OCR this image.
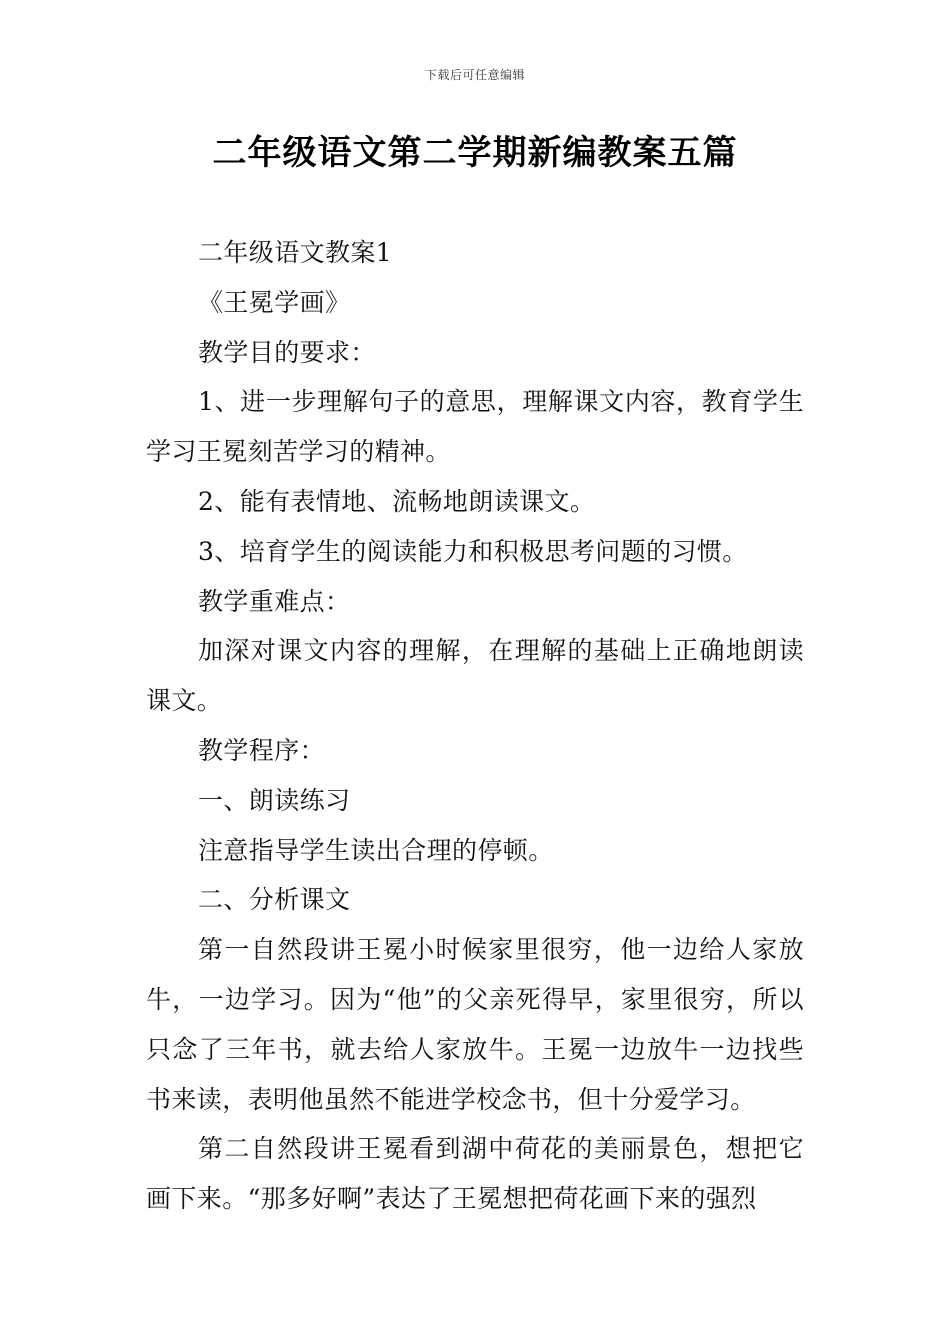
下载后可任意编辑
二年级语文第二学期新编教案五篇

二年级语文教案1

《王冕学画》

教学目的要求：

1、进一步理解句子的意思，理解课文内容，教育学生学习王冕刻苦学习的精神。

2、能有表情地、流畅地朗读课文。

3、培育学生的阅读能力和积极思考问题的习惯。

教学重难点：

加深对课文内容的理解，在理解的基础上正确地朗读课文。

教学程序：

一、朗读练习

注意指导学生读出合理的停顿。

二、分析课文

第一自然段讲王冕小时候家里很穷，他一边给人家放牛，一边学习。因为“他”的父亲死得早，家里很穷，所以只念了三年书，就去给人家放牛。王冕一边放牛一边找些书来读，表明他虽然不能进学校念书，但十分爱学习。

第二自然段讲王冕看到湖中荷花的美丽景色，想把它画下来。“那多好啊”表达了王冕想把荷花画下来的强烈
